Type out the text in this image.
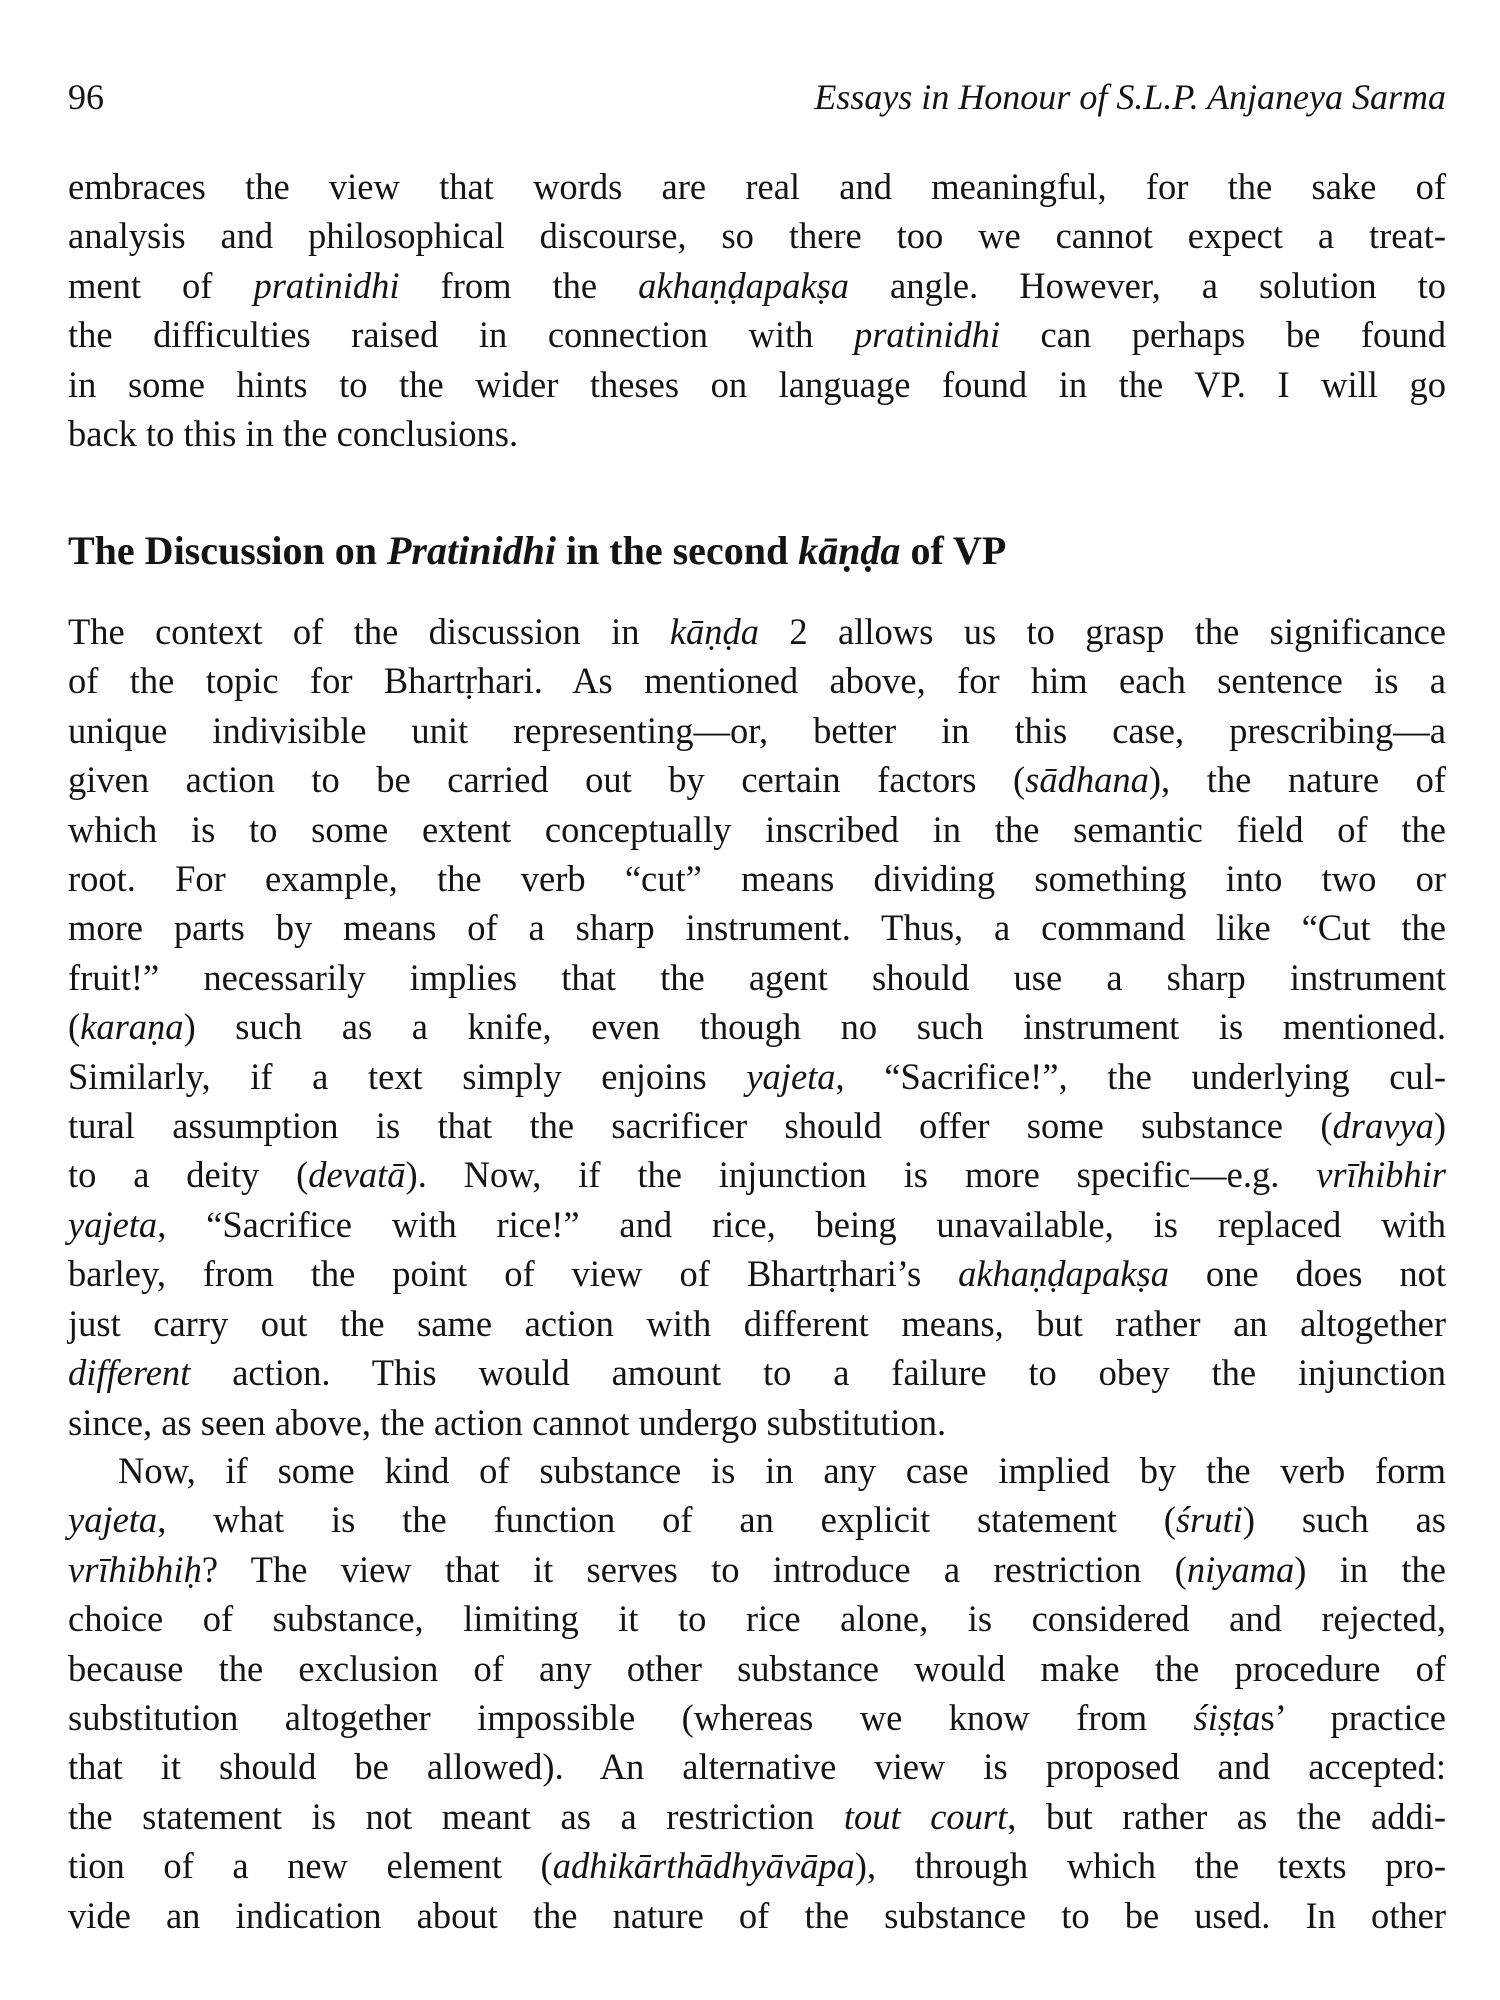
96	Essays in Honour of S.L.P. Anjaneya Sarma
embraces the view that words are real and meaningful, for the sake of
analysis and philosophical discourse, so there too we cannot expect a treat-
ment of pratinidhi from the akhaṇḍapakṣa angle. However, a solution to
the difficulties raised in connection with pratinidhi can perhaps be found
in some hints to the wider theses on language found in the VP. I will go
back to this in the conclusions.
The Discussion on Pratinidhi in the second kāṇḍa of VP
The context of the discussion in kāṇḍa 2 allows us to grasp the significance
of the topic for Bhartṛhari. As mentioned above, for him each sentence is a
unique indivisible unit representing—or, better in this case, prescribing—a
given action to be carried out by certain factors (sādhana), the nature of
which is to some extent conceptually inscribed in the semantic field of the
root. For example, the verb “cut” means dividing something into two or
more parts by means of a sharp instrument. Thus, a command like “Cut the
fruit!” necessarily implies that the agent should use a sharp instrument
(karaṇa) such as a knife, even though no such instrument is mentioned.
Similarly, if a text simply enjoins yajeta, “Sacrifice!”, the underlying cul-
tural assumption is that the sacrificer should offer some substance (dravya)
to a deity (devatā). Now, if the injunction is more specific—e.g. vrīhibhir
yajeta, “Sacrifice with rice!” and rice, being unavailable, is replaced with
barley, from the point of view of Bhartṛhari’s akhaṇḍapakṣa one does not
just carry out the same action with different means, but rather an altogether
different action. This would amount to a failure to obey the injunction
since, as seen above, the action cannot undergo substitution.
Now, if some kind of substance is in any case implied by the verb form
yajeta, what is the function of an explicit statement (śruti) such as
vrīhibhiḥ? The view that it serves to introduce a restriction (niyama) in the
choice of substance, limiting it to rice alone, is considered and rejected,
because the exclusion of any other substance would make the procedure of
substitution altogether impossible (whereas we know from śiṣṭas’ practice
that it should be allowed). An alternative view is proposed and accepted:
the statement is not meant as a restriction tout court, but rather as the addi-
tion of a new element (adhikārthādhyāvāpa), through which the texts pro-
vide an indication about the nature of the substance to be used. In other
